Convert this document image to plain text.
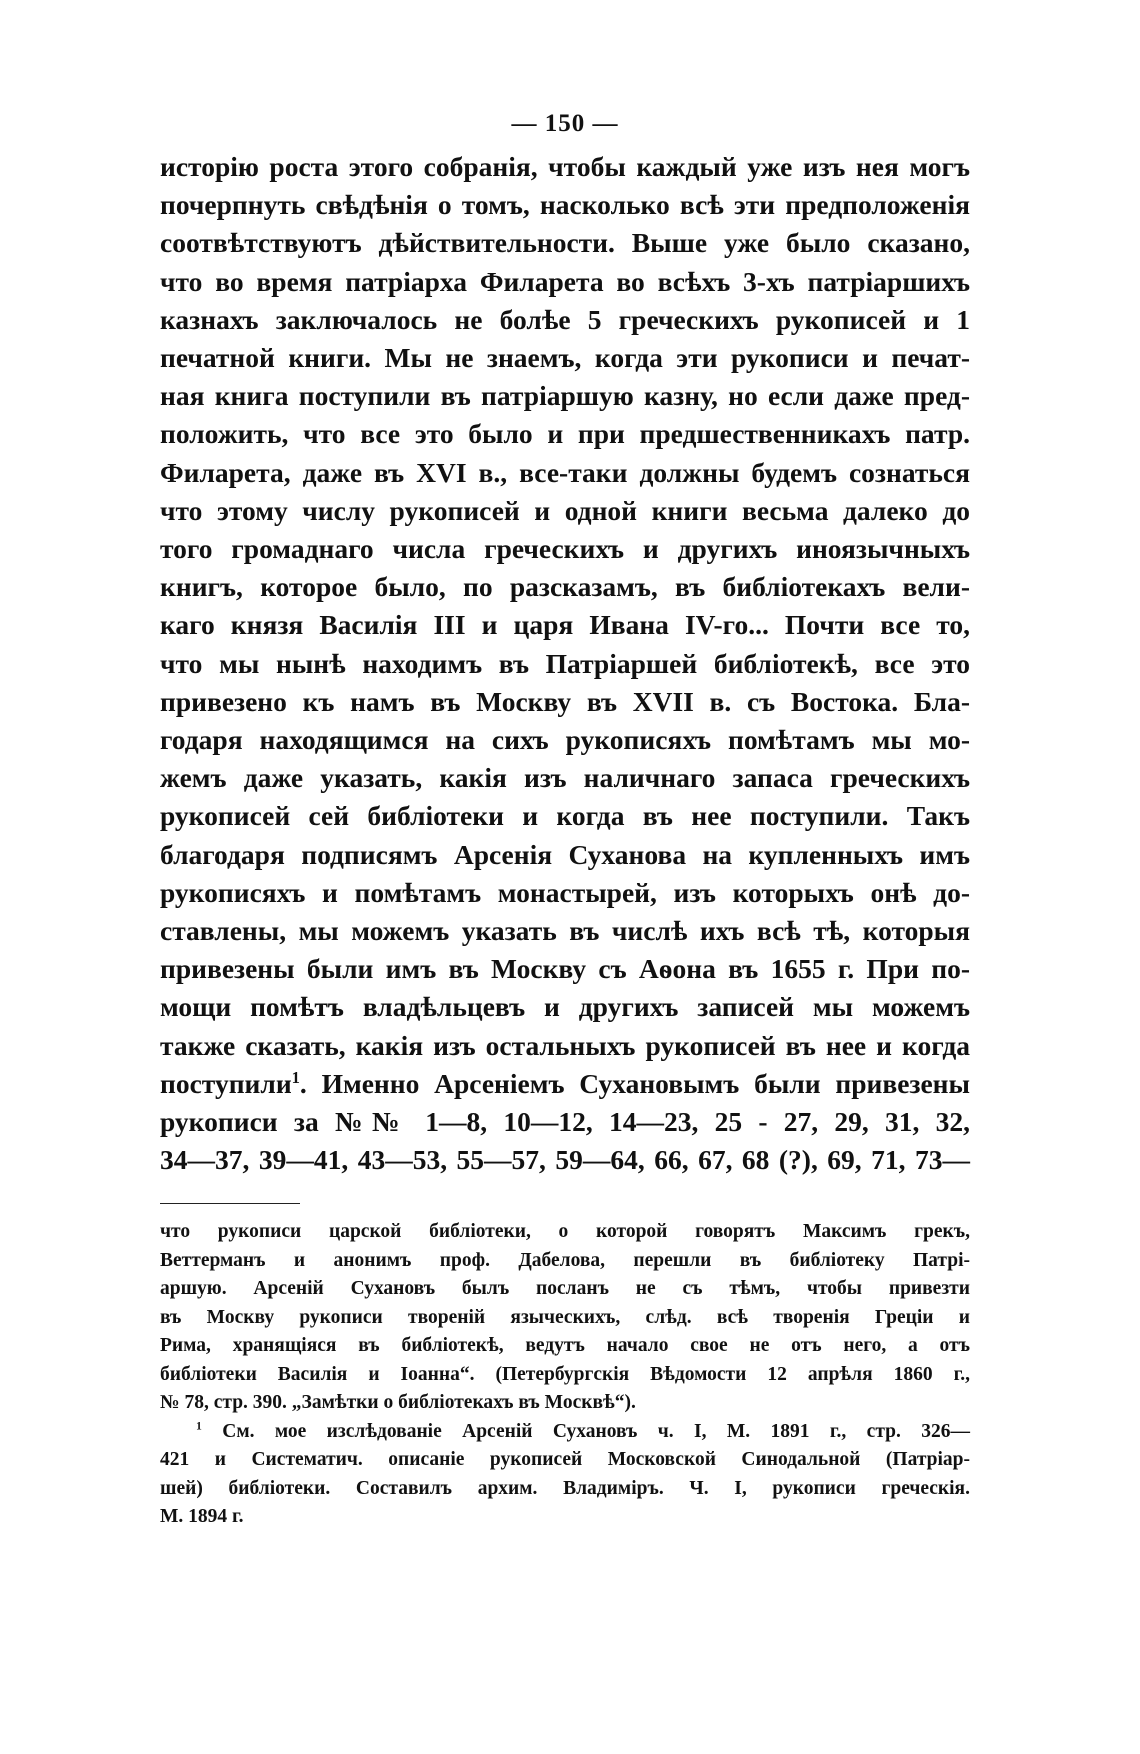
— 150 —
исторію роста этого собранія, чтобы каждый уже изъ нея могъ
почерпнуть свѣдѣнія о томъ, насколько всѣ эти предположенія
соотвѣтствуютъ дѣйствительности. Выше уже было сказано,
что во время патріарха Филарета во всѣхъ 3-хъ патріаршихъ
казнахъ заключалось не болѣе 5 греческихъ рукописей и 1
печатной книги. Мы не знаемъ, когда эти рукописи и печат-
ная книга поступили въ патріаршую казну, но если даже пред-
положить, что все это было и при предшественникахъ патр.
Филарета, даже въ XVI в., все-таки должны будемъ сознаться
что этому числу рукописей и одной книги весьма далеко до
того громаднаго числа греческихъ и другихъ иноязычныхъ
книгъ, которое было, по разсказамъ, въ библіотекахъ вели-
каго князя Василія III и царя Ивана IV-го... Почти все то,
что мы нынѣ находимъ въ Патріаршей библіотекѣ, все это
привезено къ намъ въ Москву въ XVII в. съ Востока. Бла-
годаря находящимся на сихъ рукописяхъ помѣтамъ мы мо-
жемъ даже указать, какія изъ наличнаго запаса греческихъ
рукописей сей библіотеки и когда въ нее поступили. Такъ
благодаря подписямъ Арсенія Суханова на купленныхъ имъ
рукописяхъ и помѣтамъ монастырей, изъ которыхъ онѣ до-
ставлены, мы можемъ указать въ числѣ ихъ всѣ тѣ, которыя
привезены были имъ въ Москву съ Аѳона въ 1655 г. При по-
мощи помѣтъ владѣльцевъ и другихъ записей мы можемъ
также сказать, какія изъ остальныхъ рукописей въ нее и когда
поступили$^1$. Именно Арсеніемъ Сухановымъ были привезены
рукописи за №№ 1—8, 10—12, 14—23, 25 - 27, 29, 31, 32,
34—37, 39—41, 43—53, 55—57, 59—64, 66, 67, 68 (?), 69, 71, 73—
что рукописи царской библіотеки, о которой говорятъ Максимъ грекъ,
Веттерманъ и анонимъ проф. Дабелова, перешли въ библіотеку Патрі-
аршую. Арсеній Сухановъ былъ посланъ не съ тѣмъ, чтобы привезти
въ Москву рукописи твореній языческихъ, слѣд. всѣ творенія Греціи и
Рима, хранящіяся въ библіотекѣ, ведутъ начало свое не отъ него, а отъ
библіотеки Василія и Іоанна“. (Петербургскія Вѣдомости 12 апрѣля 1860 г.,
№ 78, стр. 390. „Замѣтки о библіотекахъ въ Москвѣ“).
$^1$ См. мое изслѣдованіе Арсеній Сухановъ ч. I, М. 1891 г., стр. 326—
421 и Систематич. описаніе рукописей Московской Синодальной (Патріар-
шей) библіотеки. Составилъ архим. Владиміръ. Ч. I, рукописи греческія.
М. 1894 г.
